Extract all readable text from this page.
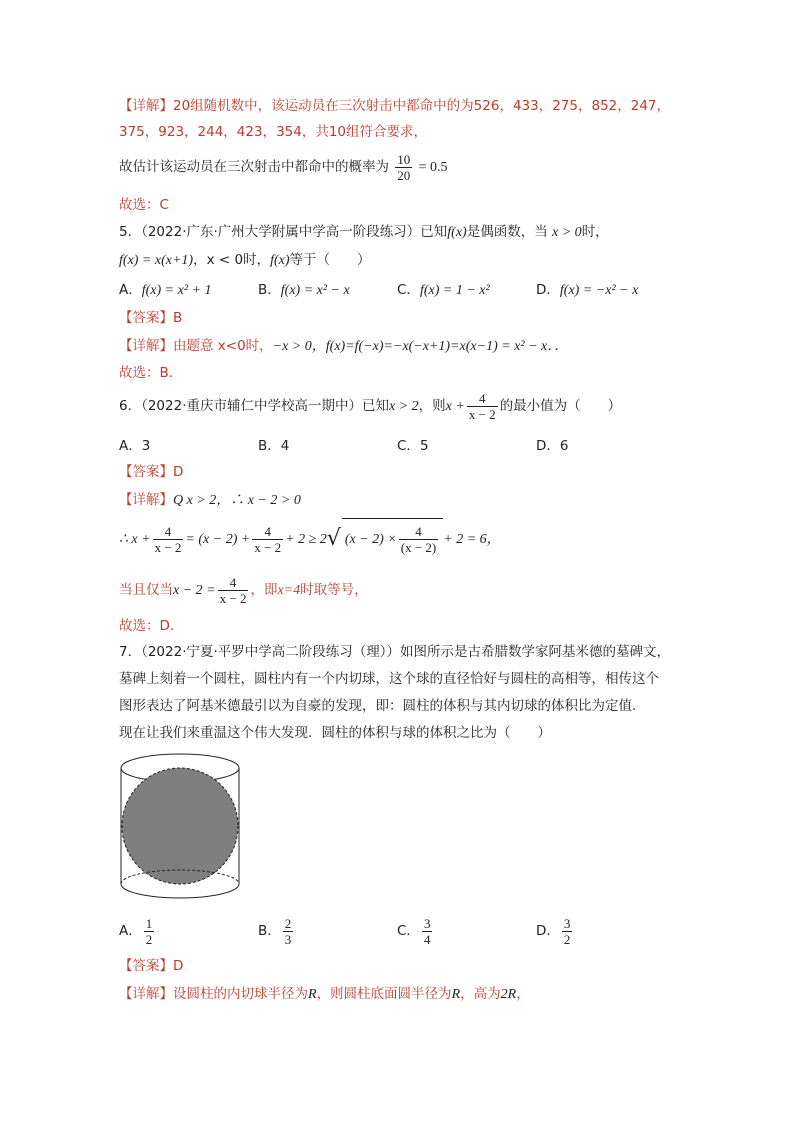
【详解】20组随机数中，该运动员在三次射击中都命中的为526，433，275，852，247，
375，923，244，423，354，共10组符合要求，
故估计该运动员在三次射击中都命中的概率为 $\frac{10}{20} = 0.5$
故选：C
5．（2022·广东·广州大学附属中学高一阶段练习）已知f(x)是偶函数，当 x > 0时，
f(x) = x(x+1)，x < 0时，f(x)等于（　　）
A．f(x) = x² + 1	B．f(x) = x² − x	C．f(x) = 1 − x²	D．f(x) = −x² − x
【答案】B
【详解】由题意 x<0时，−x > 0，f(x)=f(−x)=−x(−x+1)=x(x−1) = x² − x．．
故选：B．
6．（2022·重庆市辅仁中学校高一期中）已知x > 2，则$x + \frac{4}{x - 2}$ 的最小值为（　　）
A．3	B．4	C．5	D．6
【答案】D
【详解】Q x > 2，∴ x − 2 > 0
∴ $x + \frac{4}{x - 2} = (x - 2) + \frac{4}{x - 2} + 2 \ge 2√$ $(x - 2) \times \frac{4}{(x - 2)} + 2 = 6$，
当且仅当$x - 2 = \frac{4}{x - 2}$ ，即x=4时取等号，
故选：D.
7．（2022·宁夏·平罗中学高二阶段练习（理））如图所示是古希腊数学家阿基米德的墓碑文，
墓碑上刻着一个圆柱，圆柱内有一个内切球，这个球的直径恰好与圆柱的高相等，相传这个
图形表达了阿基米德最引以为自豪的发现，即：圆柱的体积与其内切球的体积比为定值.
现在让我们来重温这个伟大发现．圆柱的体积与球的体积之比为（　　）
A． $\frac{1}{2}$	B． $\frac{2}{3}$	C． $\frac{3}{4}$	D． $\frac{3}{2}$
【答案】D
【详解】设圆柱的内切球半径为R，则圆柱底面圆半径为R，高为2R，
